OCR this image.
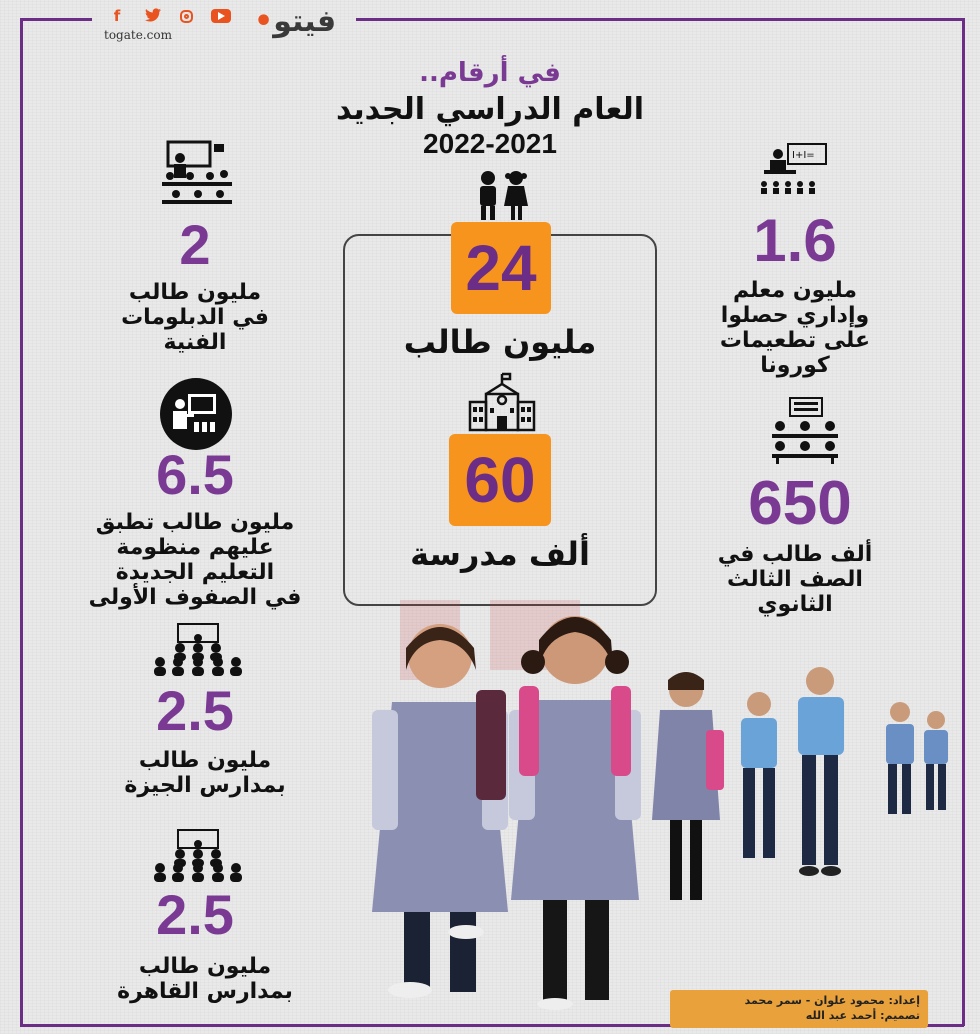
f
togate.com	فيتو•
في أرقام..
العام الدراسي الجديد
2022-2021
2
مليون طالب
في الدبلومات
الفنية
6.5
مليون طالب تطبق
عليهم منظومة
التعليم الجديدة
في الصفوف الأولى
2.5
مليون طالب
بمدارس الجيزة
2.5
مليون طالب
بمدارس القاهرة
I+I=
1.6
مليون معلم
وإداري حصلوا
على تطعيمات
كورونا
650
ألف طالب في
الصف الثالث
الثانوي
24
مليون طالب
60
ألف مدرسة
إعداد: محمود علوان - سمر محمد
تصميم: أحمد عبد الله
